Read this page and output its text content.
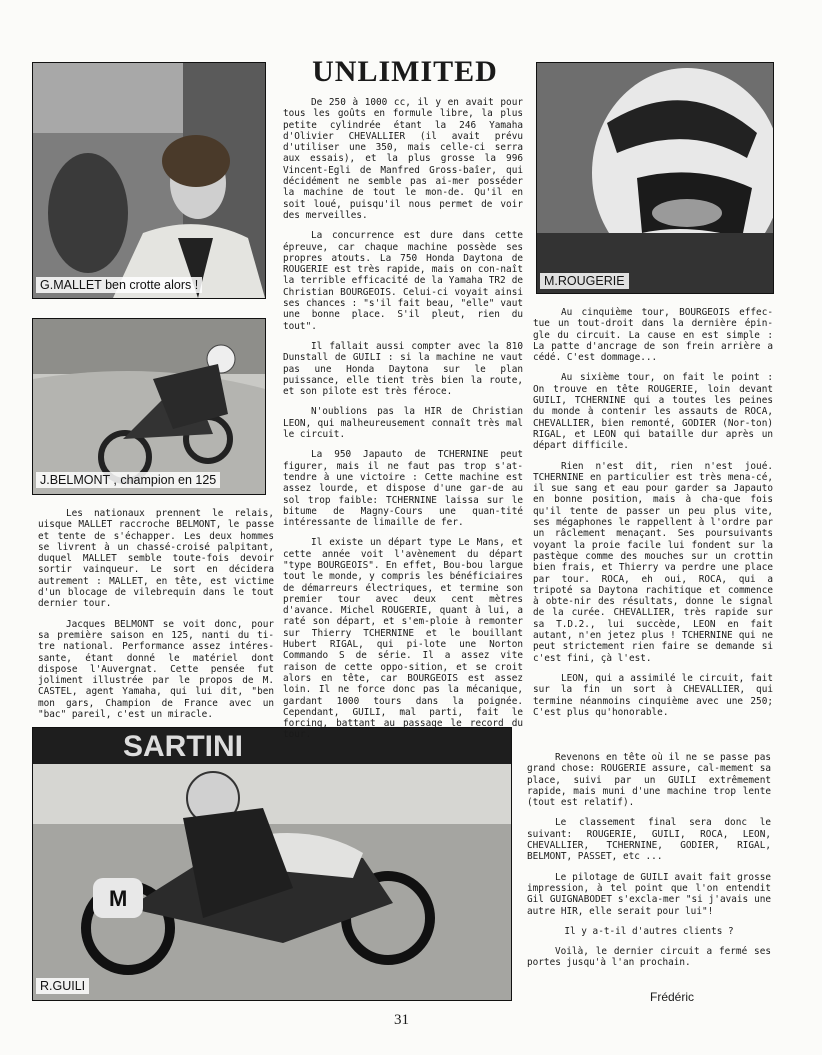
UNLIMITED
G.MALLET ben crotte alors !
J.BELMONT , champion en 125
M.ROUGERIE
SARTINI
M
R.GUILI

Les nationaux prennent le relais, uisque MALLET raccroche BELMONT, le passe et tente de s'échapper. Les deux hommes se livrent à un chassé-croisé palpitant, duquel MALLET semble toute-fois devoir sortir vainqueur. Le sort en décidera autrement : MALLET, en tête, est victime d'un blocage de vilebrequin dans le tout dernier tour.

Jacques BELMONT se voit donc, pour sa première saison en 125, nanti du ti-tre national. Performance assez intéres-sante, étant donné le matériel dont dispose l'Auvergnat. Cette pensée fut joliment illustrée par le propos de M. CASTEL, agent Yamaha, qui lui dit, "ben mon gars, Champion de France avec un "bac" pareil, c'est un miracle.

De 250 à 1000 cc, il y en avait pour tous les goûts en formule libre, la plus petite cylindrée étant la 246 Yamaha d'Olivier CHEVALLIER (il avait prévu d'utiliser une 350, mais celle-ci serra aux essais), et la plus grosse la 996 Vincent-Egli de Manfred Gross-baîer, qui décidément ne semble pas ai-mer posséder la machine de tout le mon-de. Qu'il en soit loué, puisqu'il nous permet de voir des merveilles.

La concurrence est dure dans cette épreuve, car chaque machine possède ses propres atouts. La 750 Honda Daytona de ROUGERIE est très rapide, mais on con-naît la terrible efficacité de la Yamaha TR2 de Christian BOURGEOIS. Celui-ci voyait ainsi ses chances : "s'il fait beau, "elle" vaut une bonne place. S'il pleut, rien du tout".

Il fallait aussi compter avec la 810 Dunstall de GUILI : si la machine ne vaut pas une Honda Daytona sur le plan puissance, elle tient très bien la route, et son pilote est très féroce.

N'oublions pas la HIR de Christian LEON, qui malheureusement connaît très mal le circuit.

La 950 Japauto de TCHERNINE peut figurer, mais il ne faut pas trop s'at-tendre à une victoire : Cette machine est assez lourde, et dispose d'une gar-de au sol trop faible: TCHERNINE laissa sur le bitume de Magny-Cours une quan-tité intéressante de limaille de fer.

Il existe un départ type Le Mans, et cette année voit l'avènement du départ "type BOURGEOIS". En effet, Bou-bou largue tout le monde, y compris les bénéficiaires de démarreurs électriques, et termine son premier tour avec deux cent mètres d'avance. Michel ROUGERIE, quant à lui, a raté son départ, et s'em-ploie à remonter sur Thierry TCHERNINE et le bouillant Hubert RIGAL, qui pi-lote une Norton Commando S de série. Il a assez vite raison de cette oppo-sition, et se croit alors en tête, car BOURGEOIS est assez loin. Il ne force donc pas la mécanique, gardant 1000 tours dans la poignée. Cependant, GUILI, mal parti, fait le forcing, battant au passage le record du tour.

Au cinquième tour, BOURGEOIS effec-tue un tout-droit dans la dernière épin-gle du circuit. La cause en est simple : La patte d'ancrage de son frein arrière a cédé. C'est dommage...

Au sixième tour, on fait le point : On trouve en tête ROUGERIE, loin devant GUILI, TCHERNINE qui a toutes les peines du monde à contenir les assauts de ROCA, CHEVALLIER, bien remonté, GODIER (Nor-ton) RIGAL, et LEON qui bataille dur après un départ difficile.

Rien n'est dit, rien n'est joué. TCHERNINE en particulier est très mena-cé, il sue sang et eau pour garder sa Japauto en bonne position, mais à cha-que fois qu'il tente de passer un peu plus vite, ses mégaphones le rappellent à l'ordre par un râclement menaçant. Ses poursuivants voyant la proie facile lui fondent sur la pastèque comme des mouches sur un crottin bien frais, et Thierry va perdre une place par tour. ROCA, eh oui, ROCA, qui a tripoté sa Daytona rachitique et commence à obte-nir des résultats, donne le signal de la curée. CHEVALLIER, très rapide sur sa T.D.2., lui succède, LEON en fait autant, n'en jetez plus ! TCHERNINE qui ne peut strictement rien faire se demande si c'est fini, çà l'est.

LEON, qui a assimilé le circuit, fait sur la fin un sort à CHEVALLIER, qui termine néanmoins cinquième avec une 250; C'est plus qu'honorable.

Revenons en tête où il ne se passe pas grand chose: ROUGERIE assure, cal-mement sa place, suivi par un GUILI extrêmement rapide, mais muni d'une machine trop lente (tout est relatif).

Le classement final sera donc le suivant: ROUGERIE, GUILI, ROCA, LEON, CHEVALLIER, TCHERNINE, GODIER, RIGAL, BELMONT, PASSET, etc ...

Le pilotage de GUILI avait fait grosse impression, à tel point que l'on entendit Gil GUIGNABODET s'excla-mer "si j'avais une autre HIR, elle serait pour lui"!

Il y a-t-il d'autres clients ?

Voilà, le dernier circuit a fermé ses portes jusqu'à l'an prochain.

Frédéric
31
